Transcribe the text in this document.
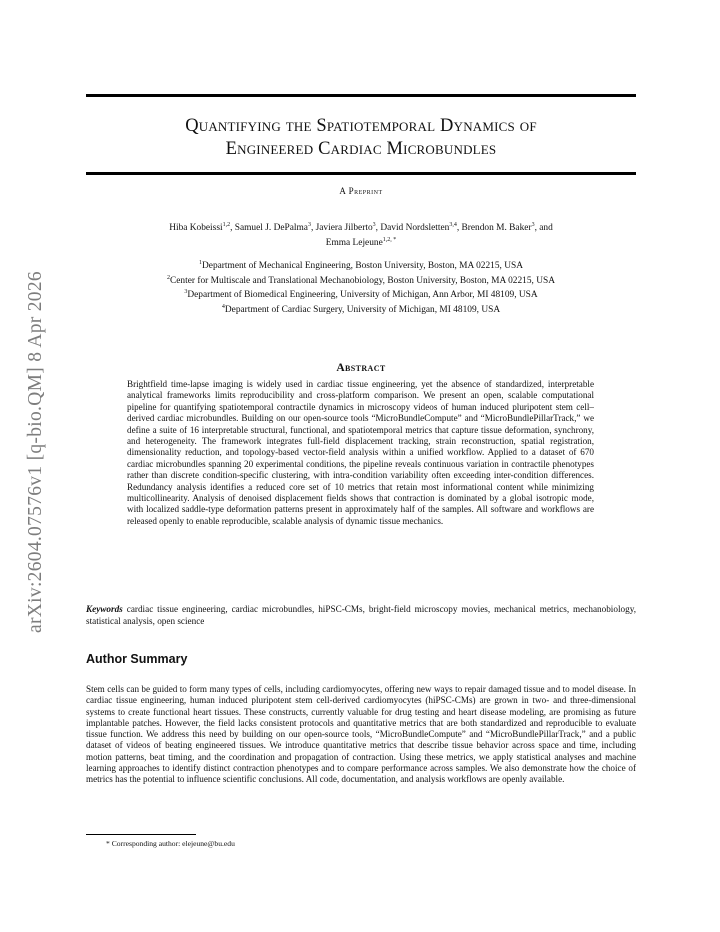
arXiv:2604.07576v1 [q-bio.QM] 8 Apr 2026
Quantifying the Spatiotemporal Dynamics of
Engineered Cardiac Microbundles
A Preprint
Hiba Kobeissi$^{1,2}$, Samuel J. DePalma$^3$, Javiera Jilberto$^3$, David Nordsletten$^{3,4}$, Brendon M. Baker$^3$, and
Emma Lejeune$^{1,2, *}$
$^1$Department of Mechanical Engineering, Boston University, Boston, MA 02215, USA
$^2$Center for Multiscale and Translational Mechanobiology, Boston University, Boston, MA 02215, USA
$^3$Department of Biomedical Engineering, University of Michigan, Ann Arbor, MI 48109, USA
$^4$Department of Cardiac Surgery, University of Michigan, MI 48109, USA
Abstract
Brightfield time-lapse imaging is widely used in cardiac tissue engineering, yet the absence of standardized, interpretable analytical frameworks limits reproducibility and cross-platform comparison. We present an open, scalable computational pipeline for quantifying spatiotemporal contractile dynamics in microscopy videos of human induced pluripotent stem cell–derived cardiac microbundles. Building on our open-source tools “MicroBundleCompute” and “MicroBundlePillarTrack,” we define a suite of 16 interpretable structural, functional, and spatiotemporal metrics that capture tissue deformation, synchrony, and heterogeneity. The framework integrates full-field displacement tracking, strain reconstruction, spatial registration, dimensionality reduction, and topology-based vector-field analysis within a unified workflow. Applied to a dataset of 670 cardiac microbundles spanning 20 experimental conditions, the pipeline reveals continuous variation in contractile phenotypes rather than discrete condition-specific clustering, with intra-condition variability often exceeding inter-condition differences. Redundancy analysis identifies a reduced core set of 10 metrics that retain most informational content while minimizing multicollinearity. Analysis of denoised displacement fields shows that contraction is dominated by a global isotropic mode, with localized saddle-type deformation patterns present in approximately half of the samples. All software and workflows are released openly to enable reproducible, scalable analysis of dynamic tissue mechanics.
Keywords cardiac tissue engineering, cardiac microbundles, hiPSC-CMs, bright-field microscopy movies, mechanical metrics, mechanobiology, statistical analysis, open science
Author Summary
Stem cells can be guided to form many types of cells, including cardiomyocytes, offering new ways to repair damaged tissue and to model disease. In cardiac tissue engineering, human induced pluripotent stem cell-derived cardiomyocytes (hiPSC-CMs) are grown in two- and three-dimensional systems to create functional heart tissues. These constructs, currently valuable for drug testing and heart disease modeling, are promising as future implantable patches. However, the field lacks consistent protocols and quantitative metrics that are both standardized and reproducible to evaluate tissue function. We address this need by building on our open-source tools, “MicroBundleCompute” and “MicroBundlePillarTrack,” and a public dataset of videos of beating engineered tissues. We introduce quantitative metrics that describe tissue behavior across space and time, including motion patterns, beat timing, and the coordination and propagation of contraction. Using these metrics, we apply statistical analyses and machine learning approaches to identify distinct contraction phenotypes and to compare performance across samples. We also demonstrate how the choice of metrics has the potential to influence scientific conclusions. All code, documentation, and analysis workflows are openly available.
* Corresponding author: elejeune@bu.edu
